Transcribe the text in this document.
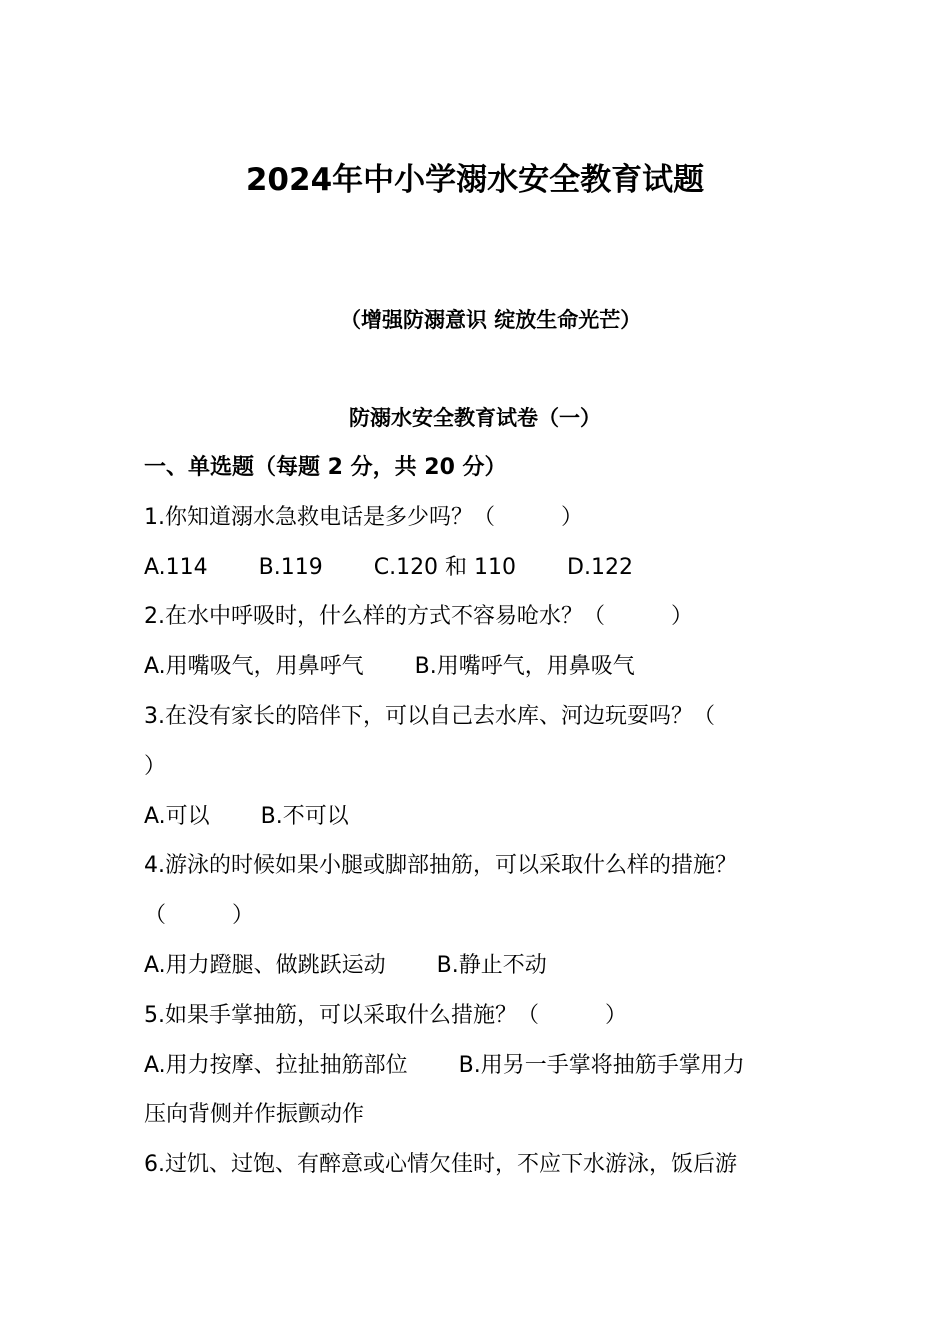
2024年中小学溺水安全教育试题
（增强防溺意识 绽放生命光芒）
防溺水安全教育试卷（一）
一、单选题（每题 2 分，共 20 分）
1.你知道溺水急救电话是多少吗？（　　　）
A.114　　 B.119　　 C.120 和 110　　 D.122
2.在水中呼吸时，什么样的方式不容易呛水？（　　　）
A.用嘴吸气，用鼻呼气　　 B.用嘴呼气，用鼻吸气
3.在没有家长的陪伴下，可以自己去水库、河边玩耍吗？（
）
A.可以　　 B.不可以
4.游泳的时候如果小腿或脚部抽筋，可以采取什么样的措施？
（　　　）
A.用力蹬腿、做跳跃运动　　 B.静止不动
5.如果手掌抽筋，可以采取什么措施？（　　　）
A.用力按摩、拉扯抽筋部位　　 B.用另一手掌将抽筋手掌用力
压向背侧并作振颤动作
6.过饥、过饱、有醉意或心情欠佳时，不应下水游泳，饭后游
